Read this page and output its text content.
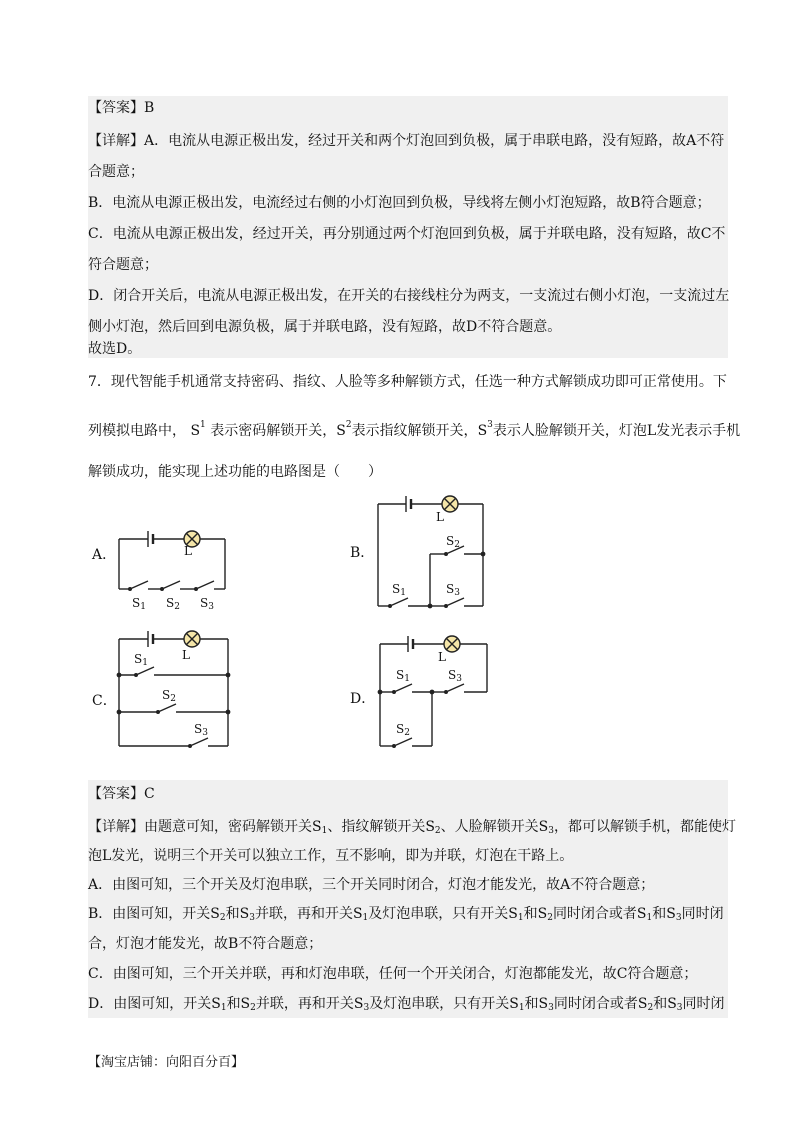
【答案】B
【详解】A．电流从电源正极出发，经过开关和两个灯泡回到负极，属于串联电路，没有短路，故A不符
合题意；
B．电流从电源正极出发，电流经过右侧的小灯泡回到负极，导线将左侧小灯泡短路，故B符合题意；
C．电流从电源正极出发，经过开关，再分别通过两个灯泡回到负极，属于并联电路，没有短路，故C不
符合题意；
D．闭合开关后，电流从电源正极出发，在开关的右接线柱分为两支，一支流过右侧小灯泡，一支流过左
侧小灯泡，然后回到电源负极，属于并联电路，没有短路，故D不符合题意。
故选D。
7．现代智能手机通常支持密码、指纹、人脸等多种解锁方式，任选一种方式解锁成功即可正常使用。下
列模拟电路中， $S_1$ 表示密码解锁开关，$S_2$表示指纹解锁开关，$S_3$表示人脸解锁开关，灯泡L发光表示手机
解锁成功，能实现上述功能的电路图是（　　）
A．	L
$S_1$ $S_2$ $S_3$
B．
L
$S_2$
$S_1$	$S_3$
C．
L
$S_1$
$S_2$
$S_3$
D．
L
$S_1$	$S_3$
$S_2$
【答案】C
【详解】由题意可知，密码解锁开关$S_1$、指纹解锁开关$S_2$、人脸解锁开关$S_3$，都可以解锁手机，都能使灯
泡L发光，说明三个开关可以独立工作，互不影响，即为并联，灯泡在干路上。
A．由图可知，三个开关及灯泡串联，三个开关同时闭合，灯泡才能发光，故A不符合题意；
B．由图可知，开关$S_2$和$S_3$并联，再和开关$S_1$及灯泡串联，只有开关$S_1$和$S_2$同时闭合或者$S_1$和$S_3$同时闭
合，灯泡才能发光，故B不符合题意；
C．由图可知，三个开关并联，再和灯泡串联，任何一个开关闭合，灯泡都能发光，故C符合题意；
D．由图可知，开关$S_1$和$S_2$并联，再和开关$S_3$及灯泡串联，只有开关$S_1$和$S_3$同时闭合或者$S_2$和$S_3$同时闭
【淘宝店铺：向阳百分百】
